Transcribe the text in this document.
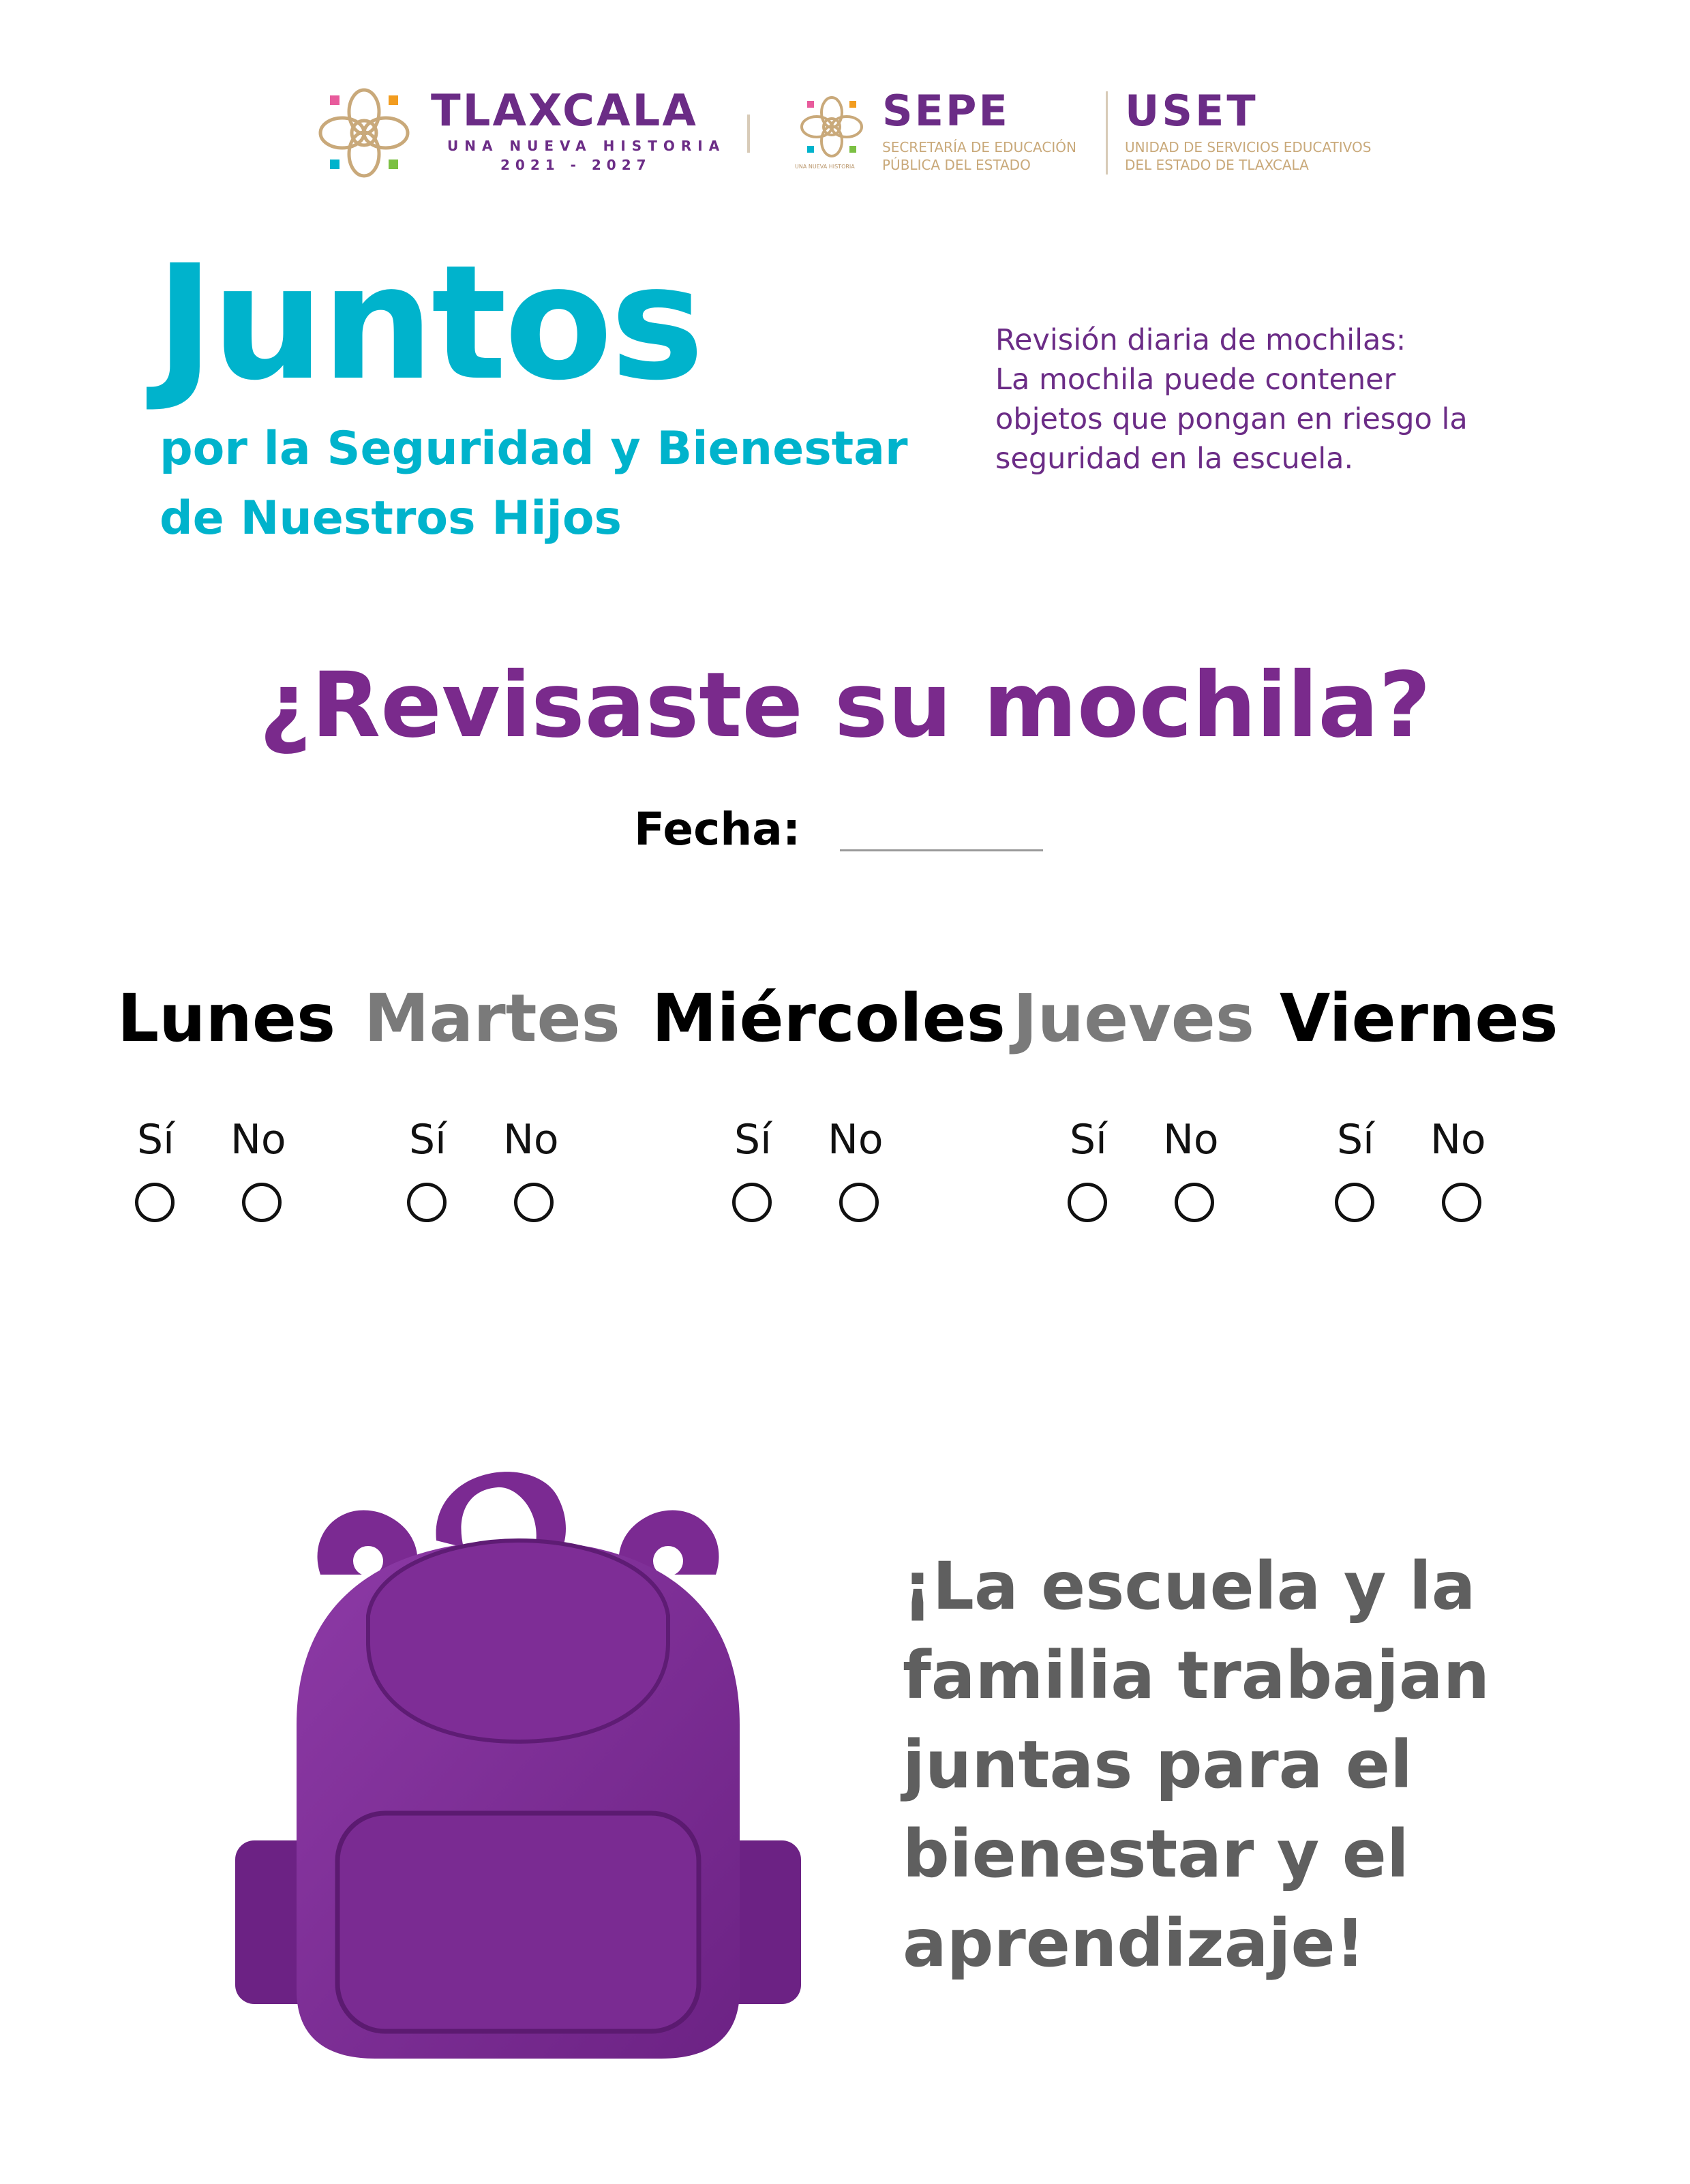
TLAXCALA
UNA NUEVA HISTORIA
2021 - 2027	UNA NUEVA HISTORIA
SEPE
SECRETARÍA DE EDUCACIÓN
PÚBLICA DEL ESTADO
USET
UNIDAD DE SERVICIOS EDUCATIVOS
DEL ESTADO DE TLAXCALA
Juntos
por la Seguridad y Bienestar
de Nuestros Hijos
Revisión diaria de mochilas:
La mochila puede contener
objetos que pongan en riesgo la
seguridad en la escuela.
¿Revisaste su mochila?
Fecha:
Lunes
Sí No
Martes
Sí No
Miércoles
Sí No
Jueves
Sí No
Viernes
Sí No
¡La escuela y la
familia trabajan
juntas para el
bienestar y el
aprendizaje!
